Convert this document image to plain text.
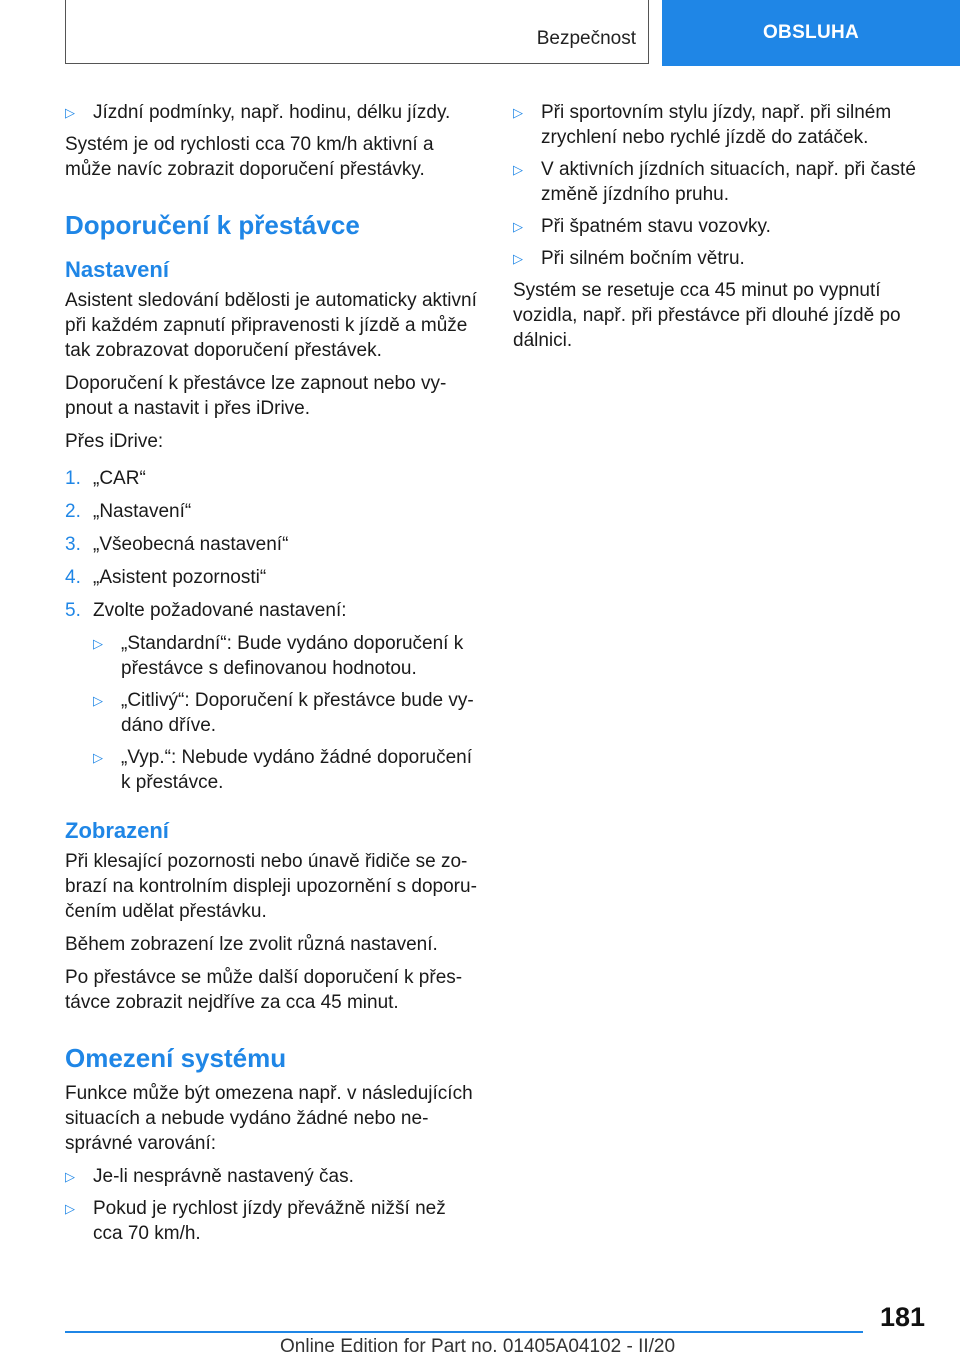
Bezpečnost	OBSLUHA
▷ Jízdní podmínky, např. hodinu, délku jízdy.

Systém je od rychlosti cca 70 km/h aktivní a může navíc zobrazit doporučení přestávky.

Doporučení k přestávce
Nastavení

Asistent sledování bdělosti je automaticky aktivní při každém zapnutí připravenosti k jízdě a může tak zobrazovat doporučení přestávek.

Doporučení k přestávce lze zapnout nebo vypnout a nastavit i přes iDrive.

Přes iDrive:

1. „CAR“
2. „Nastavení“
3. „Všeobecná nastavení“
4. „Asistent pozornosti“
5. Zvolte požadované nastavení:
▷ „Standardní“: Bude vydáno doporučení k přestávce s definovanou hodnotou.
▷ „Citlivý“: Doporučení k přestávce bude vydáno dříve.
▷ „Vyp.“: Nebude vydáno žádné doporučení k přestávce.
Zobrazení

Při klesající pozornosti nebo únavě řidiče se zobrazí na kontrolním displeji upozornění s doporučením udělat přestávku.

Během zobrazení lze zvolit různá nastavení.

Po přestávce se může další doporučení k přestávce zobrazit nejdříve za cca 45 minut.

Omezení systému

Funkce může být omezena např. v následujících situacích a nebude vydáno žádné nebo nesprávné varování:

▷ Je-li nesprávně nastavený čas.
▷ Pokud je rychlost jízdy převážně nižší než cca 70 km/h.
▷ Při sportovním stylu jízdy, např. při silném zrychlení nebo rychlé jízdě do zatáček.
▷ V aktivních jízdních situacích, např. při časté změně jízdního pruhu.
▷ Při špatném stavu vozovky.
▷ Při silném bočním větru.

Systém se resetuje cca 45 minut po vypnutí vozidla, např. při přestávce při dlouhé jízdě po dálnici.

181
Online Edition for Part no. 01405A04102 - II/20
